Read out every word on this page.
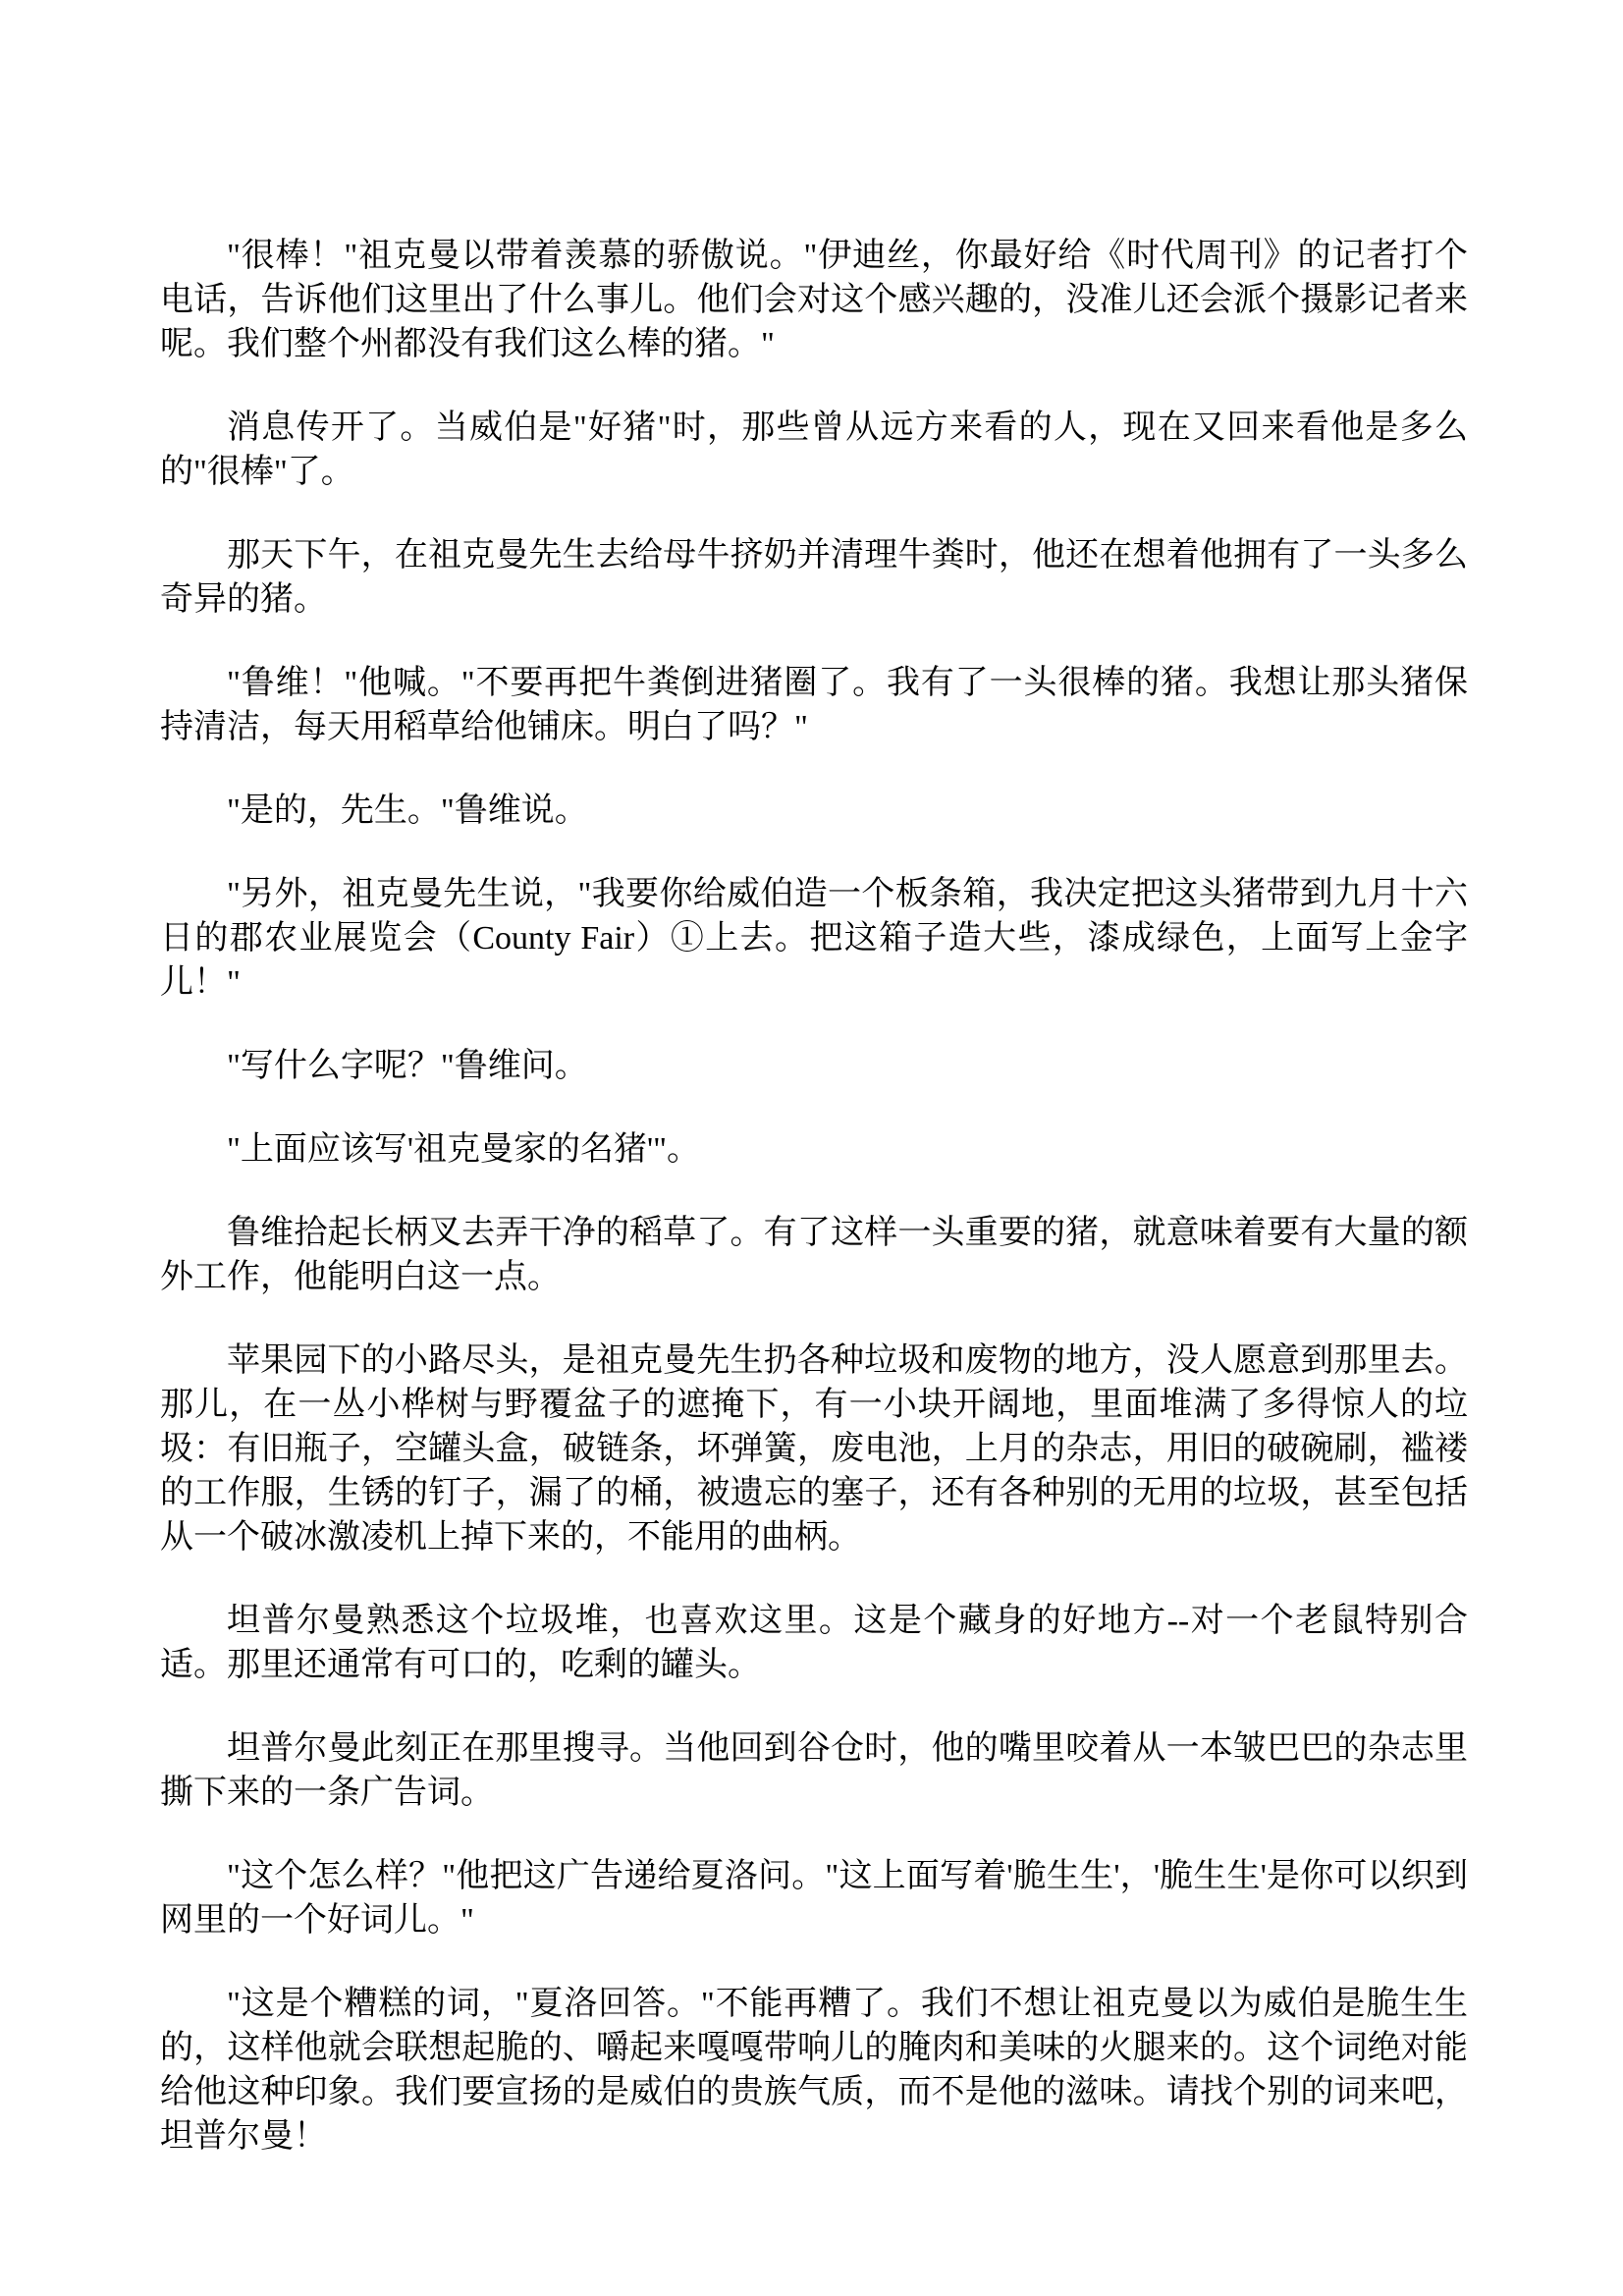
"很棒！"祖克曼以带着羡慕的骄傲说。"伊迪丝，你最好给《时代周刊》的记者打个电话，告诉他们这里出了什么事儿。他们会对这个感兴趣的，没准儿还会派个摄影记者来呢。我们整个州都没有我们这么棒的猪。"

消息传开了。当威伯是"好猪"时，那些曾从远方来看的人，现在又回来看他是多么的"很棒"了。

那天下午，在祖克曼先生去给母牛挤奶并清理牛粪时，他还在想着他拥有了一头多么奇异的猪。

"鲁维！"他喊。"不要再把牛粪倒进猪圈了。我有了一头很棒的猪。我想让那头猪保持清洁，每天用稻草给他铺床。明白了吗？"

"是的，先生。"鲁维说。

"另外，祖克曼先生说，"我要你给威伯造一个板条箱，我决定把这头猪带到九月十六日的郡农业展览会（County Fair）①上去。把这箱子造大些，漆成绿色，上面写上金字儿！"

"写什么字呢？"鲁维问。

"上面应该写'祖克曼家的名猪'"。

鲁维拾起长柄叉去弄干净的稻草了。有了这样一头重要的猪，就意味着要有大量的额外工作，他能明白这一点。

苹果园下的小路尽头，是祖克曼先生扔各种垃圾和废物的地方，没人愿意到那里去。那儿，在一丛小桦树与野覆盆子的遮掩下，有一小块开阔地，里面堆满了多得惊人的垃圾：有旧瓶子，空罐头盒，破链条，坏弹簧，废电池，上月的杂志，用旧的破碗刷，褴褛的工作服，生锈的钉子，漏了的桶，被遗忘的塞子，还有各种别的无用的垃圾，甚至包括从一个破冰激凌机上掉下来的，不能用的曲柄。

坦普尔曼熟悉这个垃圾堆，也喜欢这里。这是个藏身的好地方--对一个老鼠特别合适。那里还通常有可口的，吃剩的罐头。

坦普尔曼此刻正在那里搜寻。当他回到谷仓时，他的嘴里咬着从一本皱巴巴的杂志里撕下来的一条广告词。

"这个怎么样？"他把这广告递给夏洛问。"这上面写着'脆生生'，'脆生生'是你可以织到网里的一个好词儿。"

"这是个糟糕的词，"夏洛回答。"不能再糟了。我们不想让祖克曼以为威伯是脆生生的，这样他就会联想起脆的、嚼起来嘎嘎带响儿的腌肉和美味的火腿来的。这个词绝对能给他这种印象。我们要宣扬的是威伯的贵族气质，而不是他的滋味。请找个别的词来吧，坦普尔曼！
